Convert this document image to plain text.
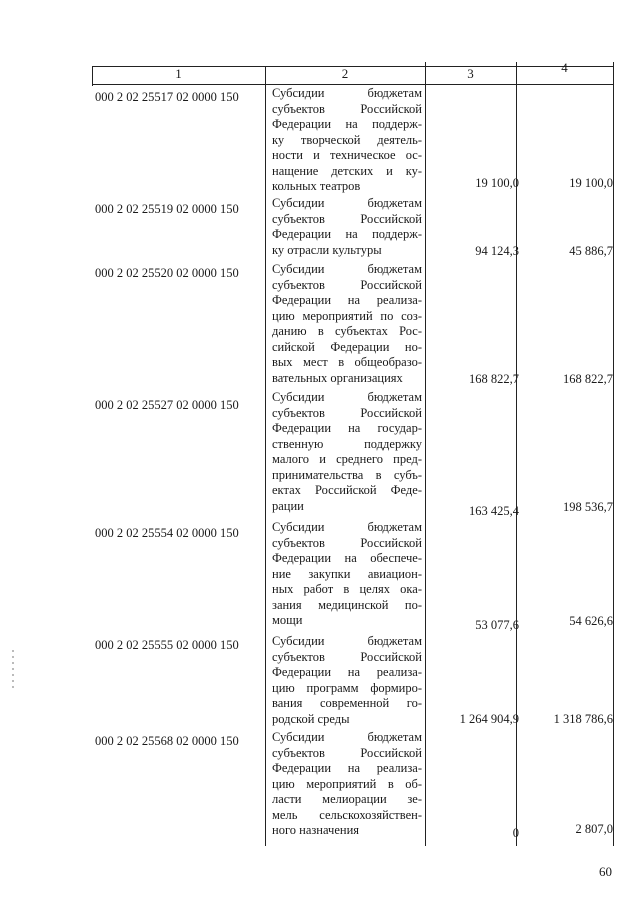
1	2	3	4
000 2 02 25517 02 0000 150	Субсидии бюджетам
субъектов Российской
Федерации на поддерж-
ку творческой деятель-
ности и техническое ос-
нащение детских и ку-
кольных театров	19 100,0	19 100,0
000 2 02 25519 02 0000 150	Субсидии бюджетам
субъектов Российской
Федерации на поддерж-
ку отрасли культуры	94 124,3	45 886,7
000 2 02 25520 02 0000 150	Субсидии бюджетам
субъектов Российской
Федерации на реализа-
цию мероприятий по соз-
данию в субъектах Рос-
сийской Федерации но-
вых мест в общеобразо-
вательных организациях	168 822,7	168 822,7
000 2 02 25527 02 0000 150
Субсидии бюджетам
субъектов Российской
Федерации на государ-
ственную поддержку
малого и среднего пред-
принимательства в субъ-
ектах Российской Феде-
рации	163 425,4	198 536,7
000 2 02 25554 02 0000 150	Субсидии бюджетам
субъектов Российской
Федерации на обеспече-
ние закупки авиацион-
ных работ в целях ока-
зания медицинской по-
мощи	53 077,6	54 626,6
000 2 02 25555 02 0000 150	Субсидии бюджетам
субъектов Российской
Федерации на реализа-
цию программ формиро-
вания современной го-
родской среды	1 264 904,9	1 318 786,6
000 2 02 25568 02 0000 150	Субсидии бюджетам
субъектов Российской
Федерации на реализа-
цию мероприятий в об-
ласти мелиорации зе-
мель сельскохозяйствен-
ного назначения	0	2 807,0
60
